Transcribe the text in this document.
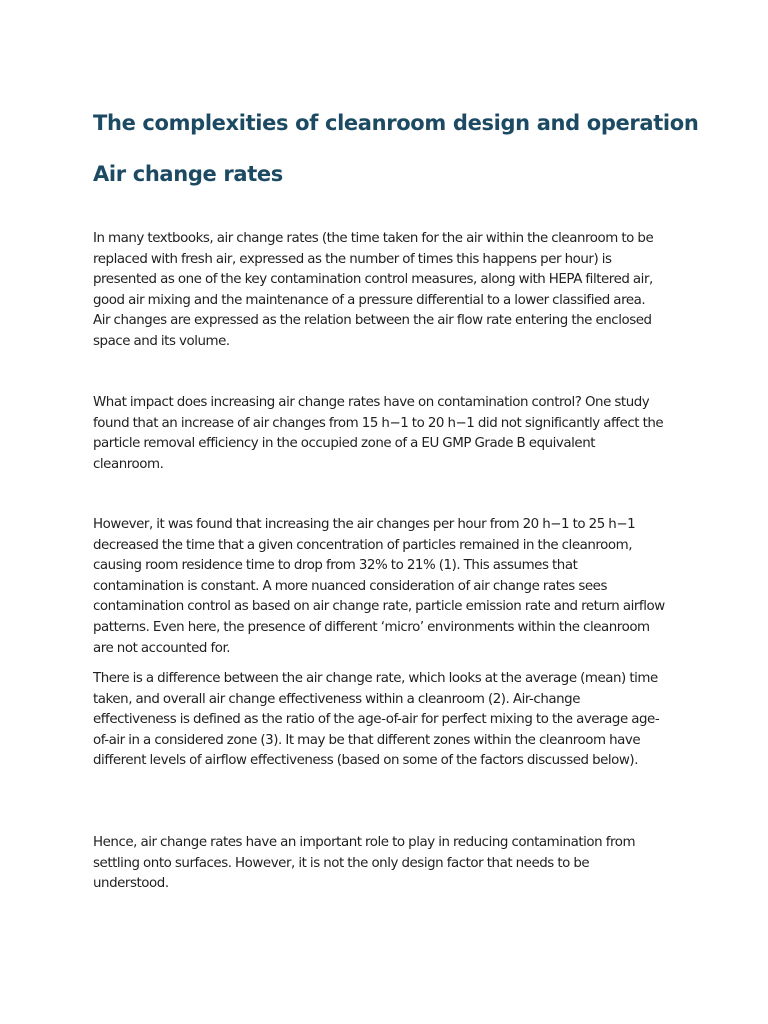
The complexities of cleanroom design and operation
Air change rates

In many textbooks, air change rates (the time taken for the air within the cleanroom to be replaced with fresh air, expressed as the number of times this happens per hour) is presented as one of the key contamination control measures, along with HEPA filtered air, good air mixing and the maintenance of a pressure differential to a lower classified area. Air changes are expressed as the relation between the air flow rate entering the enclosed space and its volume.

What impact does increasing air change rates have on contamination control? One study found that an increase of air changes from 15 h−1 to 20 h−1 did not significantly affect the particle removal efficiency in the occupied zone of a EU GMP Grade B equivalent cleanroom.

However, it was found that increasing the air changes per hour from 20 h−1 to 25 h−1 decreased the time that a given concentration of particles remained in the cleanroom, causing room residence time to drop from 32% to 21% (1). This assumes that contamination is constant. A more nuanced consideration of air change rates sees contamination control as based on air change rate, particle emission rate and return airflow patterns. Even here, the presence of different ‘micro’ environments within the cleanroom are not accounted for.

There is a difference between the air change rate, which looks at the average (mean) time taken, and overall air change effectiveness within a cleanroom (2). Air-change effectiveness is defined as the ratio of the age-of-air for perfect mixing to the average age-of-air in a considered zone (3). It may be that different zones within the cleanroom have different levels of airflow effectiveness (based on some of the factors discussed below).

Hence, air change rates have an important role to play in reducing contamination from settling onto surfaces. However, it is not the only design factor that needs to be understood.
